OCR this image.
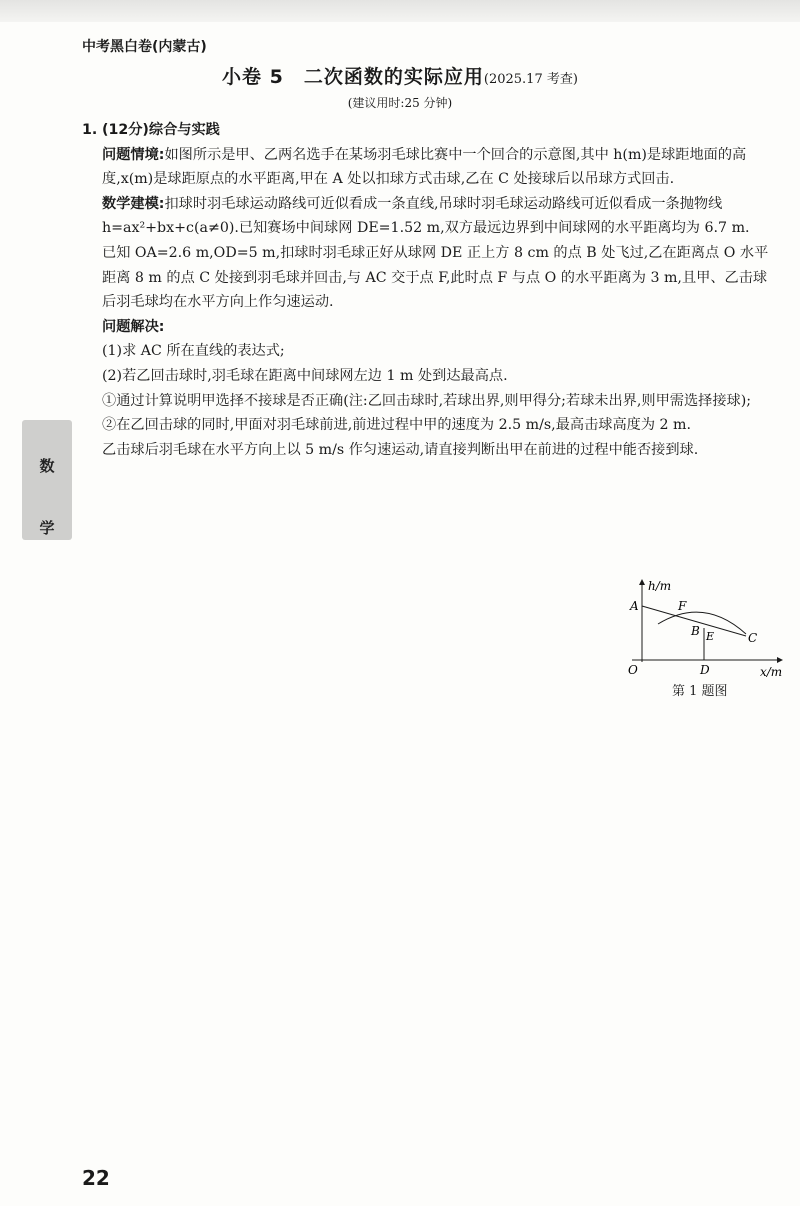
中考黑白卷(内蒙古)
小卷 5　二次函数的实际应用(2025.17 考查)
(建议用时:25 分钟)
数
学

1. (12分)综合与实践

问题情境:如图所示是甲、乙两名选手在某场羽毛球比赛中一个回合的示意图,其中 h(m)是球距地面的高度,x(m)是球距原点的水平距离,甲在 A 处以扣球方式击球,乙在 C 处接球后以吊球方式回击.

数学建模:扣球时羽毛球运动路线可近似看成一条直线,吊球时羽毛球运动路线可近似看成一条抛物线 h=ax²+bx+c(a≠0).已知赛场中间球网 DE=1.52 m,双方最远边界到中间球网的水平距离均为 6.7 m.

已知 OA=2.6 m,OD=5 m,扣球时羽毛球正好从球网 DE 正上方 8 cm 的点 B 处飞过,乙在距离点 O 水平距离 8 m 的点 C 处接到羽毛球并回击,与 AC 交于点 F,此时点 F 与点 O 的水平距离为 3 m,且甲、乙击球后羽毛球均在水平方向上作匀速运动.

问题解决:

(1)求 AC 所在直线的表达式;

(2)若乙回击球时,羽毛球在距离中间球网左边 1 m 处到达最高点.

①通过计算说明甲选择不接球是否正确(注:乙回击球时,若球出界,则甲得分;若球未出界,则甲需选择接球);

②在乙回击球的同时,甲面对羽毛球前进,前进过程中甲的速度为 2.5 m/s,最高击球高度为 2 m.

乙击球后羽毛球在水平方向上以 5 m/s 作匀速运动,请直接判断出甲在前进的过程中能否接到球.

h/m
x/m
O
A	F
B E	C
D
第 1 题图
22
